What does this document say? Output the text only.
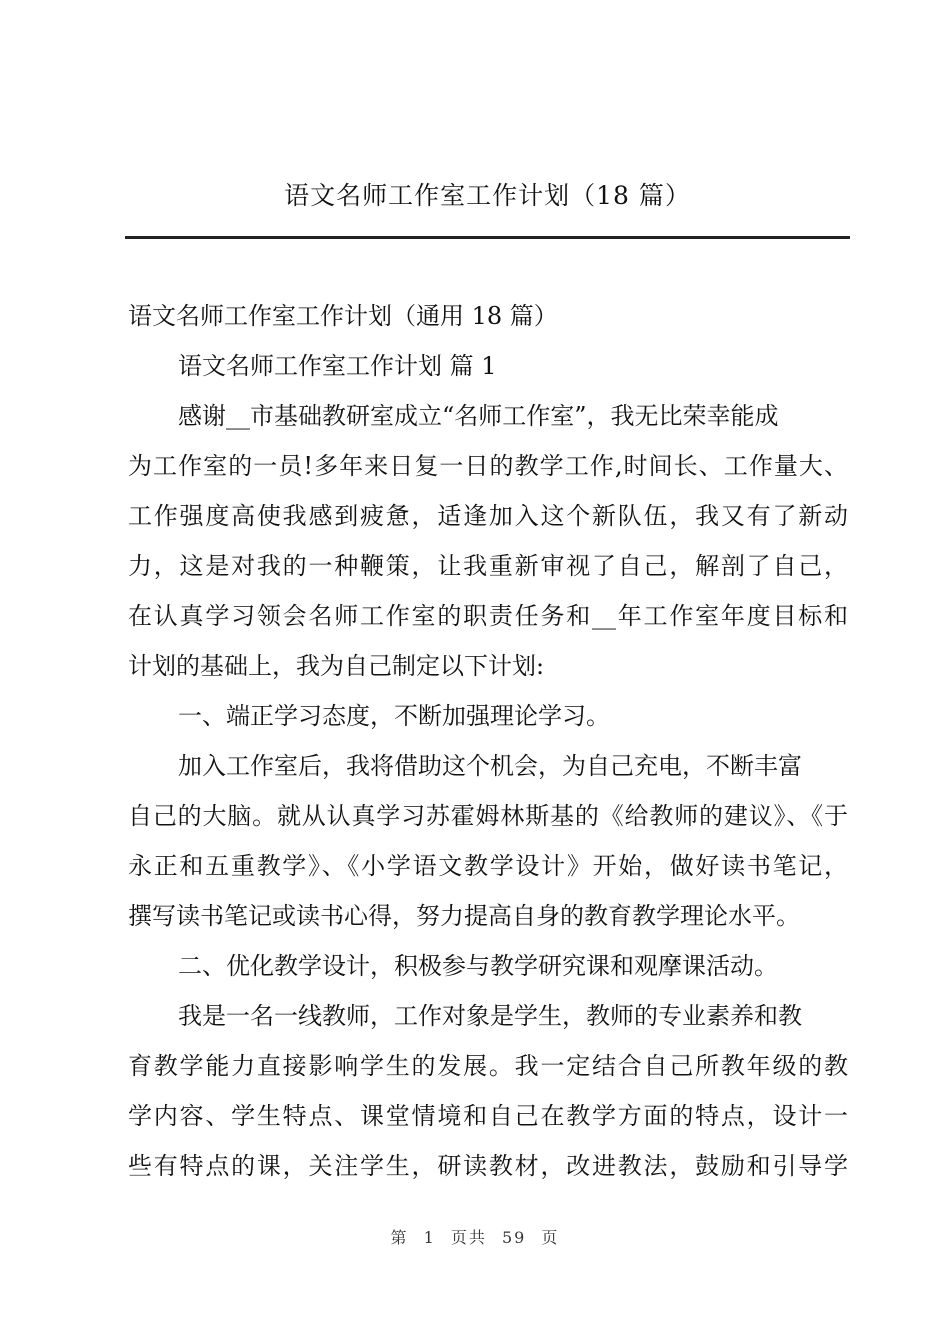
语文名师工作室工作计划（18 篇）
语文名师工作室工作计划（通用 18 篇）
语文名师工作室工作计划 篇 1
感谢__市基础教研室成立“名师工作室”，我无比荣幸能成
为工作室的一员!多年来日复一日的教学工作,时间长、工作量大、
工作强度高使我感到疲惫，适逢加入这个新队伍，我又有了新动
力，这是对我的一种鞭策，让我重新审视了自己，解剖了自己，
在认真学习领会名师工作室的职责任务和__年工作室年度目标和
计划的基础上，我为自己制定以下计划:
一、端正学习态度，不断加强理论学习。
加入工作室后，我将借助这个机会，为自己充电，不断丰富
自己的大脑。就从认真学习苏霍姆林斯基的《给教师的建议》、《于
永正和五重教学》、《小学语文教学设计》开始，做好读书笔记，
撰写读书笔记或读书心得，努力提高自身的教育教学理论水平。
二、优化教学设计，积极参与教学研究课和观摩课活动。
我是一名一线教师，工作对象是学生，教师的专业素养和教
育教学能力直接影响学生的发展。我一定结合自己所教年级的教
学内容、学生特点、课堂情境和自己在教学方面的特点，设计一
些有特点的课，关注学生，研读教材，改进教法，鼓励和引导学
第 1 页共 59 页
